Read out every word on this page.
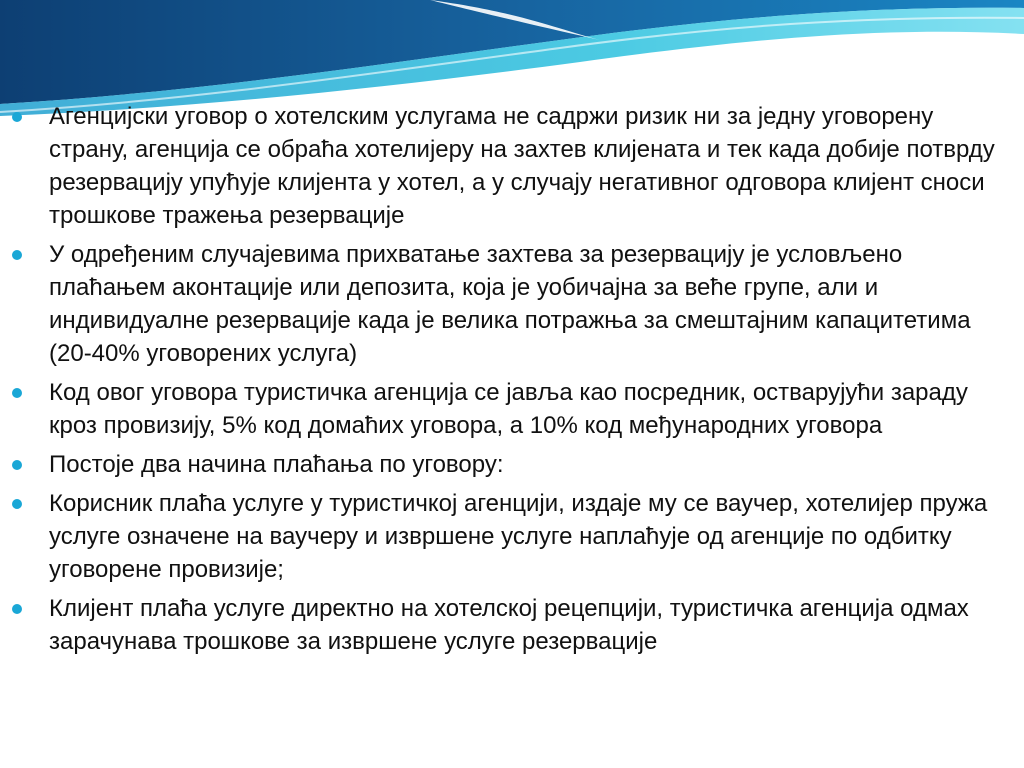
Агенцијски уговор о хотелским услугама не садржи ризик ни за једну уговорену страну, агенција се обраћа хотелијеру на захтев клијената и тек када добије потврду резервацију упућује клијента у хотел, а у случају негативног одговора клијент сноси трошкове тражења резервације
У одређеним случајевима прихватање захтева за резервацију је условљено плаћањем аконтације или депозита, која је уобичајна за веће групе, али и индивидуалне резервације када је велика потражња за смештајним капацитетима (20-40% уговорених услуга)
Код овог уговора туристичка агенција се јавља као посредник, остварујући зараду кроз провизију, 5% код домаћих уговора, а 10% код међународних уговора
Постоје два начина плаћања по уговору:
Корисник плаћа услуге у туристичкој агенцији, издаје му се ваучер, хотелијер пружа услуге означене на ваучеру и извршене услуге наплаћује од агенције по одбитку уговорене провизије;
Клијент плаћа услуге директно на хотелској рецепцији, туристичка агенција одмах зарачунава трошкове за извршене услуге резервације
